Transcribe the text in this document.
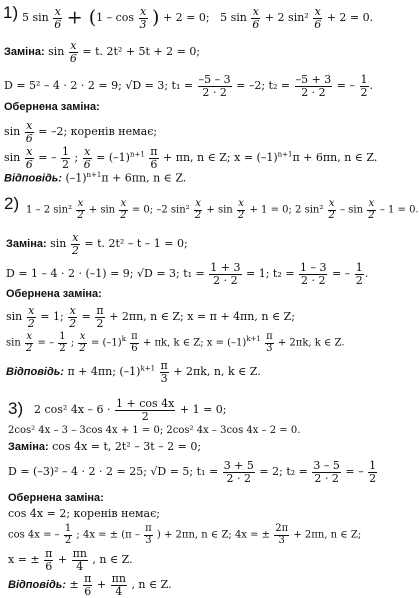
1) 5 $\sin \frac{x}{6} + (1 - \cos \frac{x}{3}$ ) + 2 = 0; 5 $\sin \frac{x}{6} + 2$ $\sin^2 \frac{x}{6} + 2 = 0$.
Заміна: $\sin \frac{x}{6} = t$. 2t² + 5t + 2 = 0;
D = 5² – 4 · 2 · 2 = 9; √D = 3; $t_1 = \frac{-5 - 3}{2 \cdot 2} = -2$; $t_2 = \frac{-5 + 3}{2 \cdot 2}$ = – $\frac{1}{2}$ .
Обернена заміна:
$\sin \frac{x}{6} = -2$; коренів немає;
$\sin \frac{x}{6}$ = – $\frac{1}{2}$ ; $\frac{x}{6} = (-1)^{n+1} \frac{\pi}{6} + \pi n$, n ∈ Z; $x = (-1)^{n+1}\pi + 6\pi n$, n ∈ Z.
Відповідь: $(-1)^{n+1}\pi + 6\pi n$, n ∈ Z.
2) 1 – 2 $\sin^2 \frac{x}{2} + \sin \frac{x}{2} = 0$; –2 $\sin^2 \frac{x}{2} + \sin \frac{x}{2} + 1 = 0$; 2 $\sin^2 \frac{x}{2} - \sin \frac{x}{2} - 1 = 0$.
Заміна: $\sin \frac{x}{2} = t$. 2t² – t – 1 = 0;
D = 1 – 4 · 2 · (–1) = 9; √D = 3; $t_1 = \frac{1 + 3}{2 \cdot 2} = 1$; $t_2 = \frac{1 - 3}{2 \cdot 2}$ = – $\frac{1}{2}$ .
Обернена заміна:
$\sin \frac{x}{2} = 1$; $\frac{x}{2} = \frac{\pi}{2} + 2\pi n$, n ∈ Z; x = π + 4πn, n ∈ Z;
$\sin \frac{x}{2}$ = – $\frac{1}{2}$ ; $\frac{x}{2} = (-1)^k \frac{\pi}{6} + \pi k$, k ∈ Z; $x = (-1)^{k+1} \frac{\pi}{3} + 2\pi k$, k ∈ Z.
Відповідь: π + 4πn; $(-1)^{k+1} \frac{\pi}{3} + 2\pi k$, n, k ∈ Z.
3) 2 cos² $4x - 6 \cdot \frac{1 + \cos 4x}{2} + 1 = 0$;
2cos² 4x – 3 – 3cos 4x + 1 = 0; 2cos² 4x – 3cos 4x – 2 = 0.
Заміна: cos 4x = t, 2t² – 3t – 2 = 0;
D = (–3)² – 4 · 2 · 2 = 25; √D = 5; $t_1 = \frac{3 + 5}{2 \cdot 2} = 2$; $t_2 = \frac{3 - 5}{2 \cdot 2}$ = – $\frac{1}{2}$
Обернена заміна:
cos 4x = 2; коренів немає;
cos 4x = – $\frac{1}{2}$ ; 4x = ± ($\pi - \frac{\pi}{3}$ ) + 2πn, n ∈ Z; 4x = ± $\frac{2\pi}{3} + 2\pi n$, n ∈ Z;
x = ± $\frac{\pi}{6} + \frac{\pi n}{4}$ , n ∈ Z.
Відповідь: ± $\frac{\pi}{6} + \frac{\pi n}{4}$ , n ∈ Z.
